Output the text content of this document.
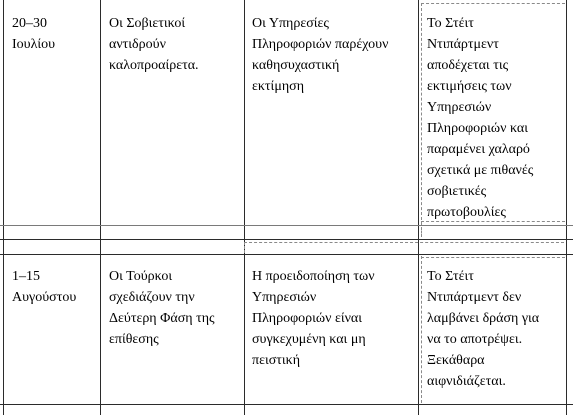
20–30
Ιουλίου
Οι Σοβιετικοί
αντιδρούν
καλοπροαίρετα.
Οι Υπηρεσίες
Πληροφοριών παρέχουν
καθησυχαστική
εκτίμηση
Το Στέιτ
Ντιπάρτμεντ
αποδέχεται τις
εκτιμήσεις των
Υπηρεσιών
Πληροφοριών και
παραμένει χαλαρό
σχετικά με πιθανές
σοβιετικές
πρωτοβουλίες
1–15
Αυγούστου
Οι Τούρκοι
σχεδιάζουν την
Δεύτερη Φάση της
επίθεσης
Η προειδοποίηση των
Υπηρεσιών
Πληροφοριών είναι
συγκεχυμένη και μη
πειστική
Το Στέιτ
Ντιπάρτμεντ δεν
λαμβάνει δράση για
να το αποτρέψει.
Ξεκάθαρα
αιφνιδιάζεται.
